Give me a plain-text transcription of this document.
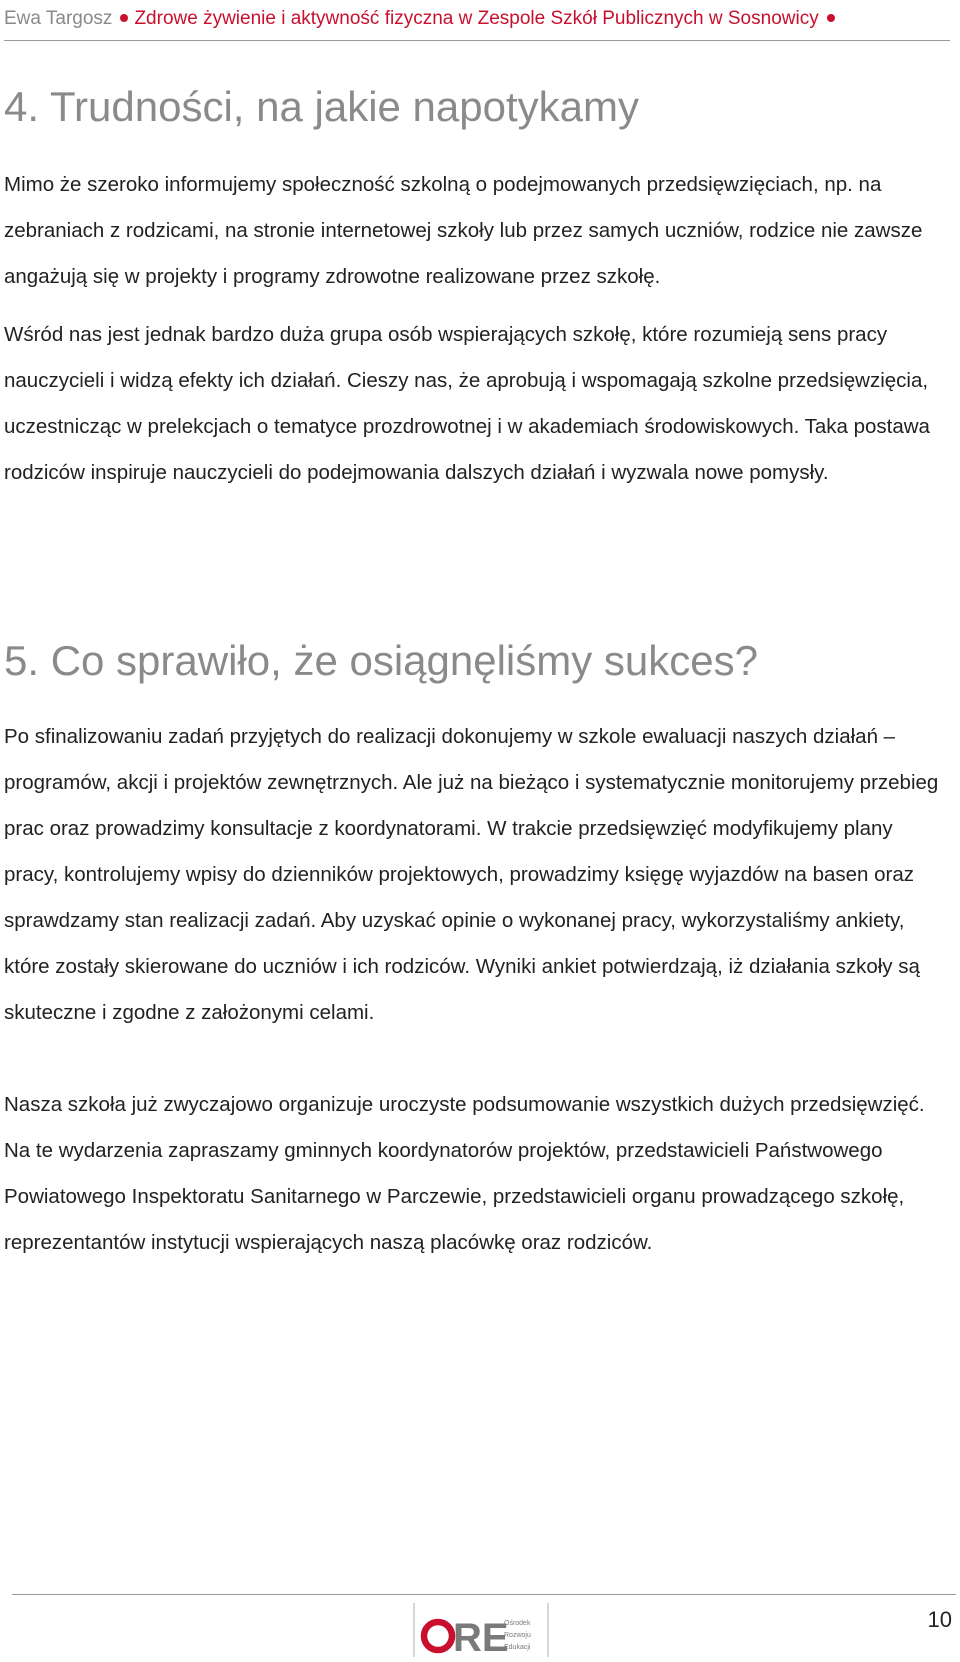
Ewa Targosz Zdrowe żywienie i aktywność fizyczna w Zespole Szkół Publicznych w Sosnowicy
4. Trudności, na jakie napotykamy

Mimo że szeroko informujemy społeczność szkolną o podejmowanych przedsięwzięciach, np. na zebraniach z rodzicami, na stronie internetowej szkoły lub przez samych uczniów, rodzice nie zawsze angażują się w projekty i programy zdrowotne realizowane przez szkołę.

Wśród nas jest jednak bardzo duża grupa osób wspierających szkołę, które rozumieją sens pracy nauczycieli i widzą efekty ich działań. Cieszy nas, że aprobują i wspomagają szkolne przedsięwzięcia, uczestnicząc w prelekcjach o tematyce prozdrowotnej i w akademiach środowiskowych. Taka postawa rodziców inspiruje nauczycieli do podejmowania dalszych działań i wyzwala nowe pomysły.

5. Co sprawiło, że osiągnęliśmy sukces?

Po sfinalizowaniu zadań przyjętych do realizacji dokonujemy w szkole ewaluacji naszych działań – programów, akcji i projektów zewnętrznych. Ale już na bieżąco i systematycznie monitorujemy przebieg prac oraz prowadzimy konsultacje z koordynatorami. W trakcie przedsięwzięć modyfikujemy plany pracy, kontrolujemy wpisy do dzienników projektowych, prowadzimy księgę wyjazdów na basen oraz sprawdzamy stan realizacji zadań. Aby uzyskać opinie o wykonanej pracy, wykorzystaliśmy ankiety, które zostały skierowane do uczniów i ich rodziców. Wyniki ankiet potwierdzają, iż działania szkoły są skuteczne i zgodne z założonymi celami.

Nasza szkoła już zwyczajowo organizuje uroczyste podsumowanie wszystkich dużych przedsięwzięć. Na te wydarzenia zapraszamy gminnych koordynatorów projektów, przedstawicieli Państwowego Powiatowego Inspektoratu Sanitarnego w Parczewie, przedstawicieli organu prowadzącego szkołę, reprezentantów instytucji wspierających naszą placówkę oraz rodziców.

RE
Ośrodek
Rozwoju
Edukacji
10
